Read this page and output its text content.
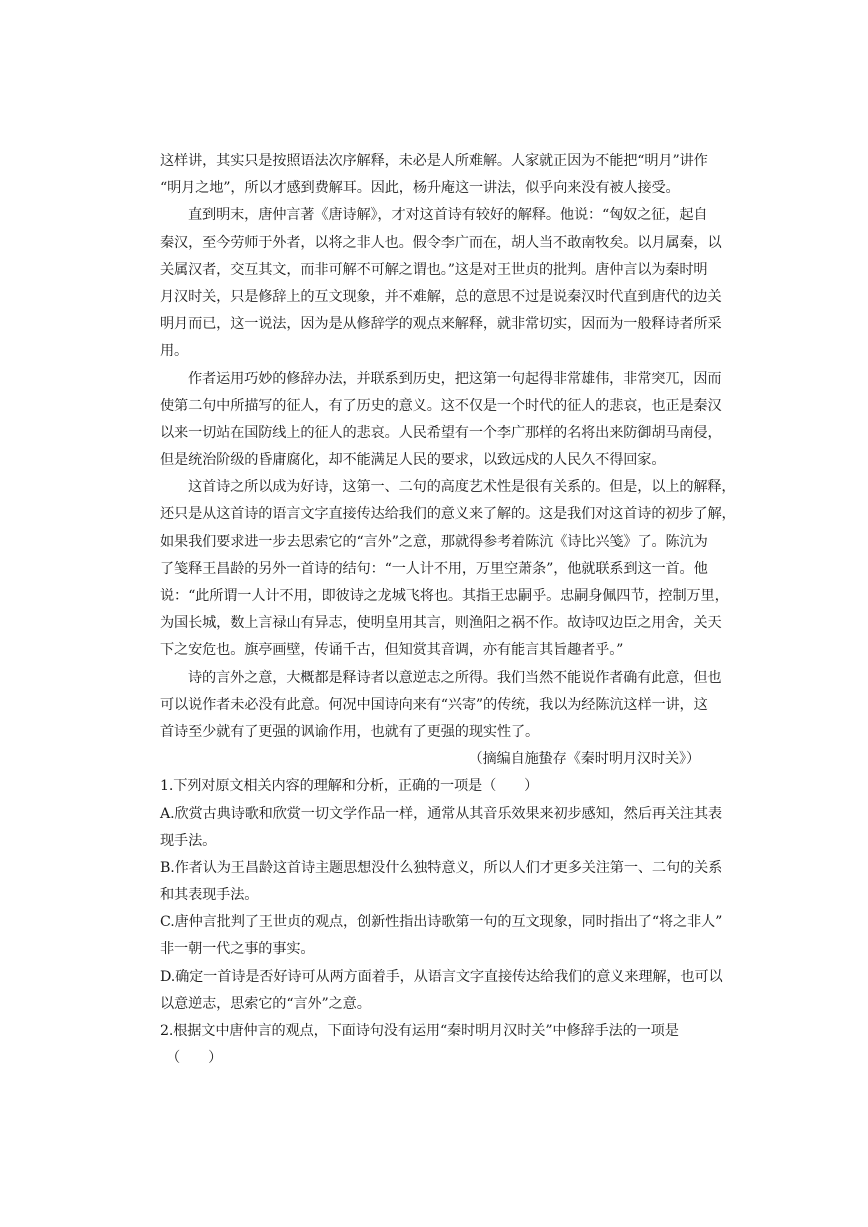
这样讲，其实只是按照语法次序解释，未必是人所难解。人家就正因为不能把“明月”讲作
“明月之地”，所以才感到费解耳。因此，杨升庵这一讲法，似乎向来没有被人接受。
直到明末，唐仲言著《唐诗解》，才对这首诗有较好的解释。他说：“匈奴之征，起自
秦汉，至今劳师于外者，以将之非人也。假令李广而在，胡人当不敢南牧矣。以月属秦，以
关属汉者，交互其文，而非可解不可解之谓也。”这是对王世贞的批判。唐仲言以为秦时明
月汉时关，只是修辞上的互文现象，并不难解，总的意思不过是说秦汉时代直到唐代的边关
明月而已，这一说法，因为是从修辞学的观点来解释，就非常切实，因而为一般释诗者所采
用。
作者运用巧妙的修辞办法，并联系到历史，把这第一句起得非常雄伟，非常突兀，因而
使第二句中所描写的征人，有了历史的意义。这不仅是一个时代的征人的悲哀，也正是秦汉
以来一切站在国防线上的征人的悲哀。人民希望有一个李广那样的名将出来防御胡马南侵，
但是统治阶级的昏庸腐化，却不能满足人民的要求，以致远戍的人民久不得回家。
这首诗之所以成为好诗，这第一、二句的高度艺术性是很有关系的。但是，以上的解释，
还只是从这首诗的语言文字直接传达给我们的意义来了解的。这是我们对这首诗的初步了解，
如果我们要求进一步去思索它的“言外”之意，那就得参考着陈沆《诗比兴笺》了。陈沆为
了笺释王昌龄的另外一首诗的结句：“一人计不用，万里空萧条”，他就联系到这一首。他
说：“此所谓一人计不用，即彼诗之龙城飞将也。其指王忠嗣乎。忠嗣身佩四节，控制万里，
为国长城，数上言禄山有异志，使明皇用其言，则渔阳之祸不作。故诗叹边臣之用舍，关天
下之安危也。旗亭画壁，传诵千古，但知赏其音调，亦有能言其旨趣者乎。”
诗的言外之意，大概都是释诗者以意逆志之所得。我们当然不能说作者确有此意，但也
可以说作者未必没有此意。何况中国诗向来有“兴寄”的传统，我以为经陈沆这样一讲，这
首诗至少就有了更强的讽谕作用，也就有了更强的现实性了。
（摘编自施蛰存《秦时明月汉时关》）
1.下列对原文相关内容的理解和分析，正确的一项是（　　）
A.欣赏古典诗歌和欣赏一切文学作品一样，通常从其音乐效果来初步感知，然后再关注其表
现手法。
B.作者认为王昌龄这首诗主题思想没什么独特意义，所以人们才更多关注第一、二句的关系
和其表现手法。
C.唐仲言批判了王世贞的观点，创新性指出诗歌第一句的互文现象，同时指出了“将之非人”
非一朝一代之事的事实。
D.确定一首诗是否好诗可从两方面着手，从语言文字直接传达给我们的意义来理解，也可以
以意逆志，思索它的“言外”之意。
2.根据文中唐仲言的观点，下面诗句没有运用“秦时明月汉时关”中修辞手法的一项是
（　　）
